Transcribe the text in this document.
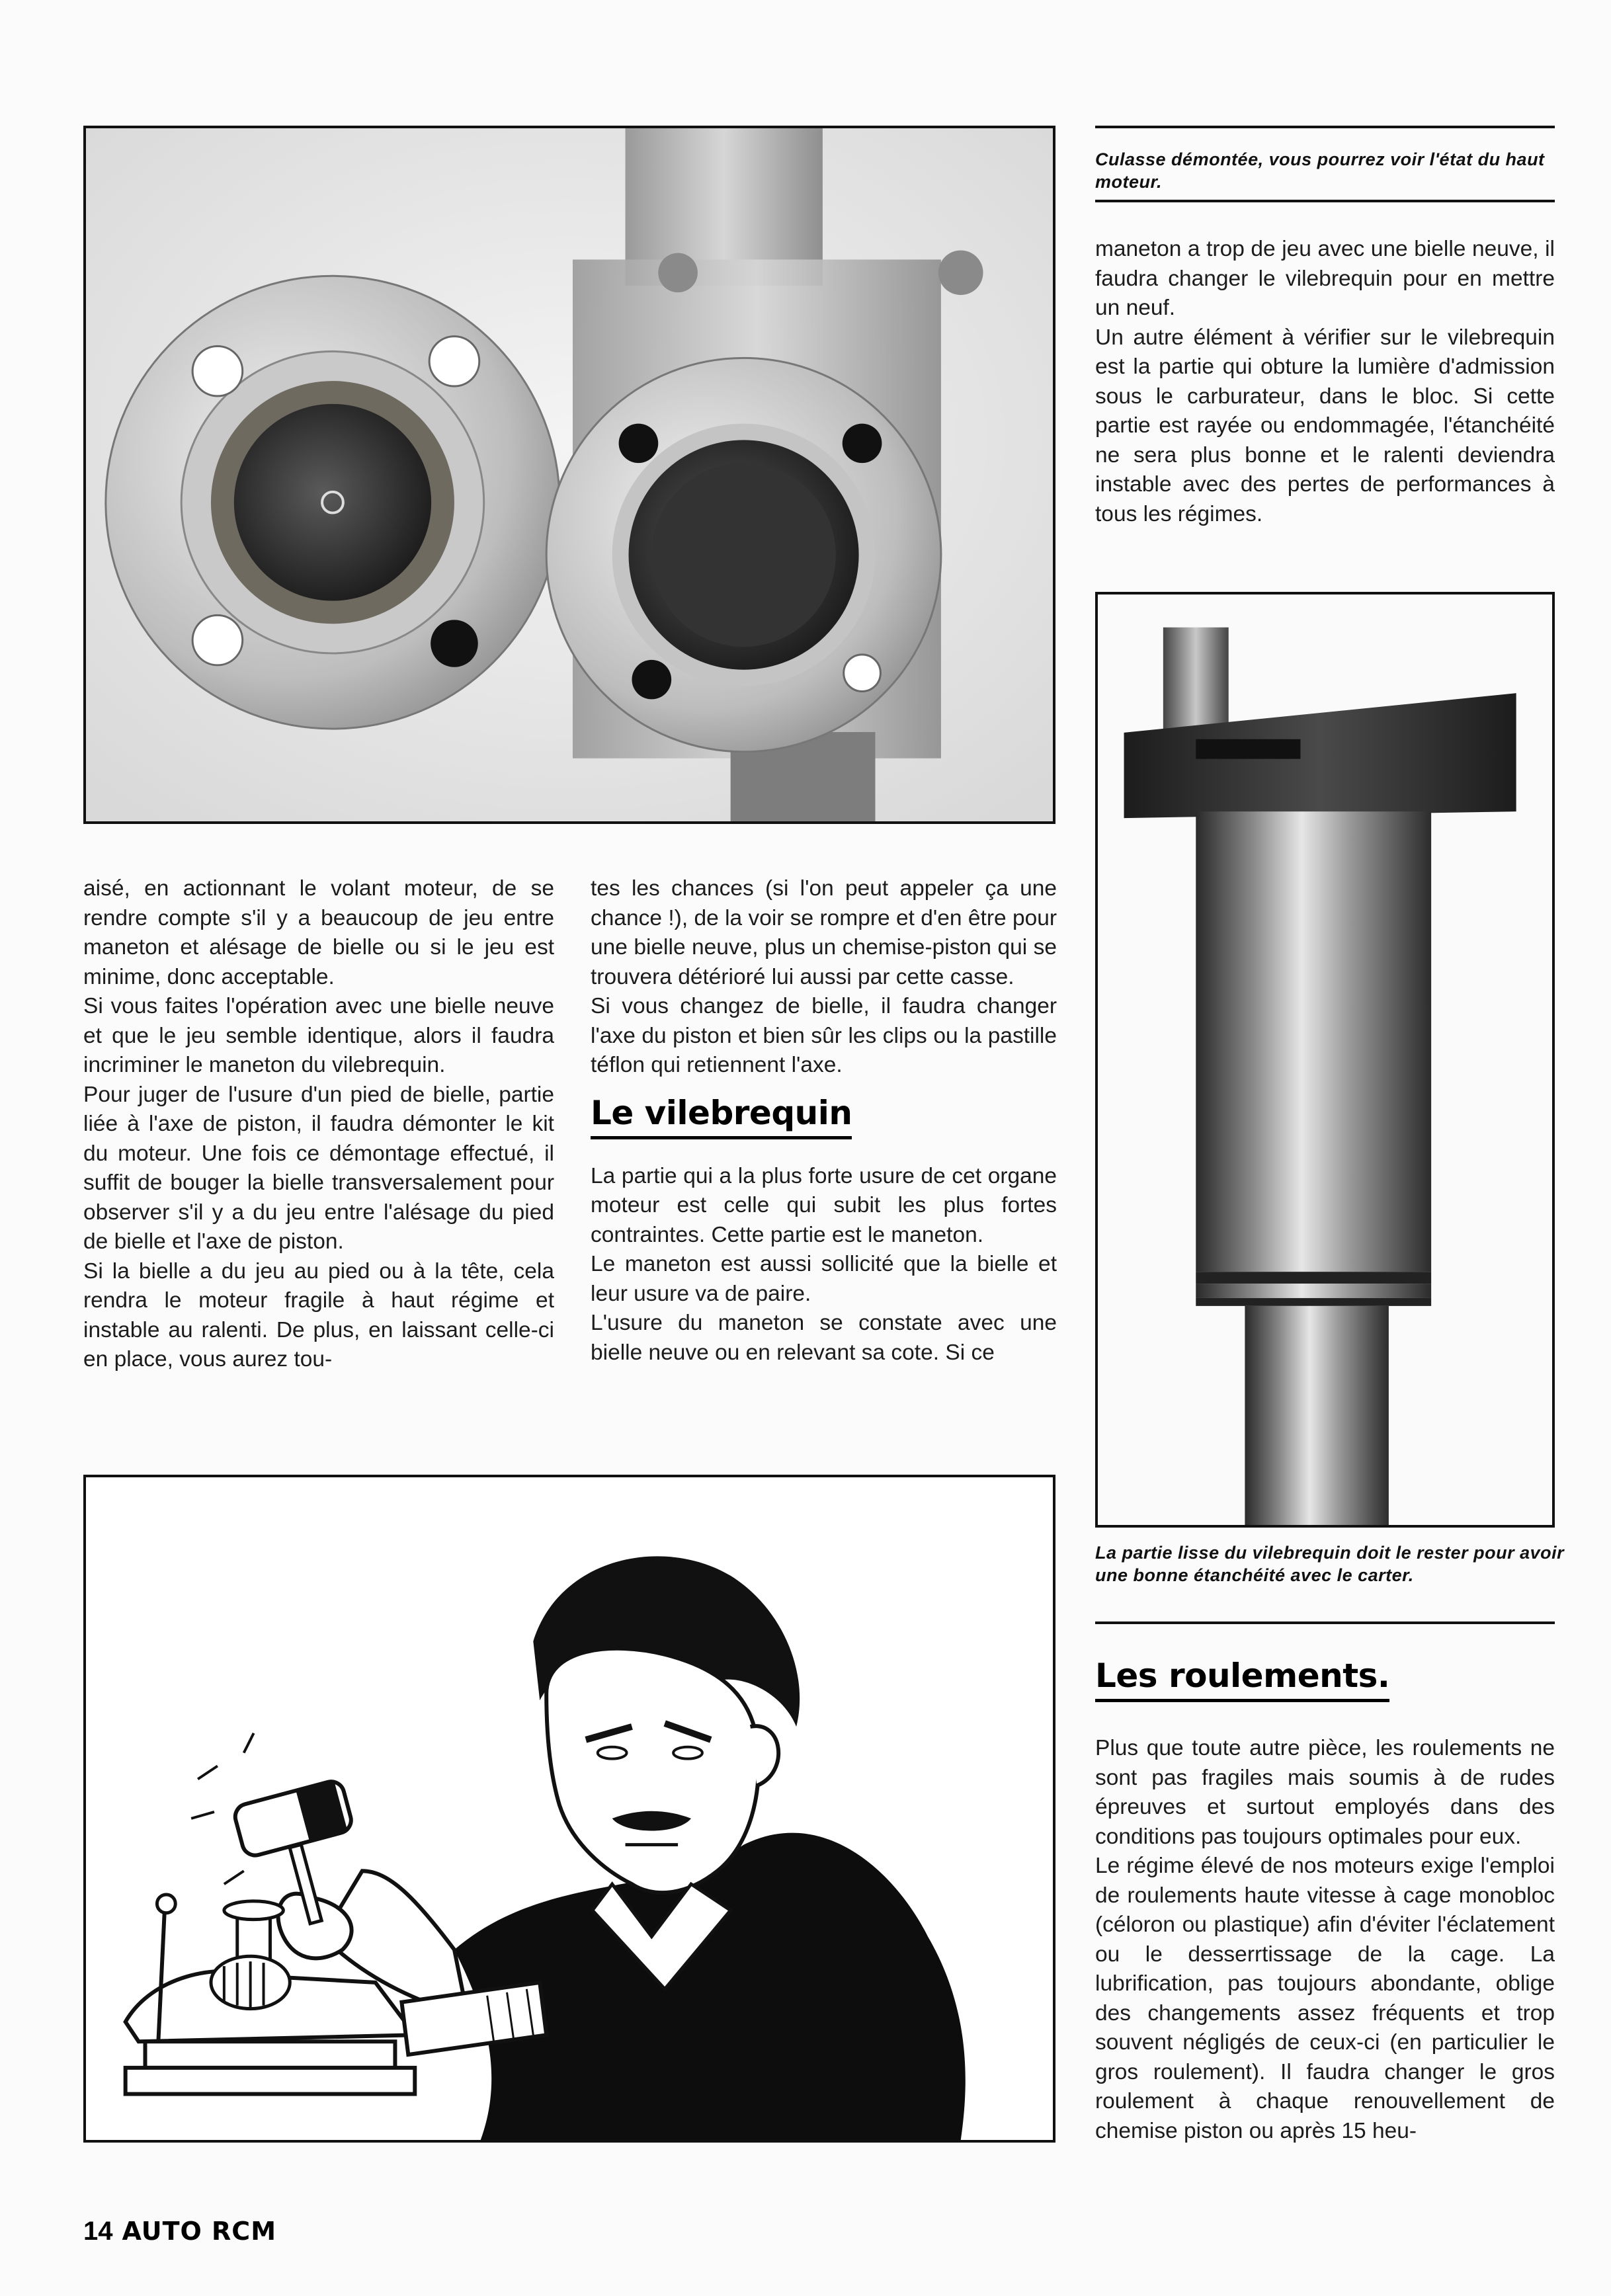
Culasse démontée, vous pourrez voir l'état du haut moteur.

maneton a trop de jeu avec une bielle neuve, il faudra changer le vilebrequin pour en mettre un neuf.

Un autre élément à vérifier sur le vilebrequin est la partie qui obture la lumière d'admission sous le carburateur, dans le bloc. Si cette partie est rayée ou endommagée, l'étanchéité ne sera plus bonne et le ralenti deviendra instable avec des pertes de performances à tous les régimes.

La partie lisse du vilebrequin doit le rester pour avoir une bonne étanchéité avec le carter.

aisé, en actionnant le volant moteur, de se rendre compte s'il y a beaucoup de jeu entre maneton et alésage de bielle ou si le jeu est minime, donc acceptable.

Si vous faites l'opération avec une bielle neuve et que le jeu semble identique, alors il faudra incriminer le maneton du vilebrequin.

Pour juger de l'usure d'un pied de bielle, partie liée à l'axe de piston, il faudra démonter le kit du moteur. Une fois ce démontage effectué, il suffit de bouger la bielle transversalement pour observer s'il y a du jeu entre l'alésage du pied de bielle et l'axe de piston.

Si la bielle a du jeu au pied ou à la tête, cela rendra le moteur fragile à haut régime et instable au ralenti. De plus, en laissant celle-ci en place, vous aurez tou-

tes les chances (si l'on peut appeler ça une chance !), de la voir se rompre et d'en être pour une bielle neuve, plus un chemise-piston qui se trouvera détérioré lui aussi par cette casse.

Si vous changez de bielle, il faudra changer l'axe du piston et bien sûr les clips ou la pastille téflon qui retiennent l'axe.

Le vilebrequin

La partie qui a la plus forte usure de cet organe moteur est celle qui subit les plus fortes contraintes. Cette partie est le maneton.

Le maneton est aussi sollicité que la bielle et leur usure va de paire.

L'usure du maneton se constate avec une bielle neuve ou en relevant sa cote. Si ce

Les roulements.

Plus que toute autre pièce, les roulements ne sont pas fragiles mais soumis à de rudes épreuves et surtout employés dans des conditions pas toujours optimales pour eux.

Le régime élevé de nos moteurs exige l'emploi de roulements haute vitesse à cage monobloc (céloron ou plastique) afin d'éviter l'éclatement ou le desserrtissage de la cage. La lubrification, pas toujours abondante, oblige des changements assez fréquents et trop souvent négligés de ceux-ci (en particulier le gros roulement). Il faudra changer le gros roulement à chaque renouvellement de chemise piston ou après 15 heu-

14 AUTO RCM
